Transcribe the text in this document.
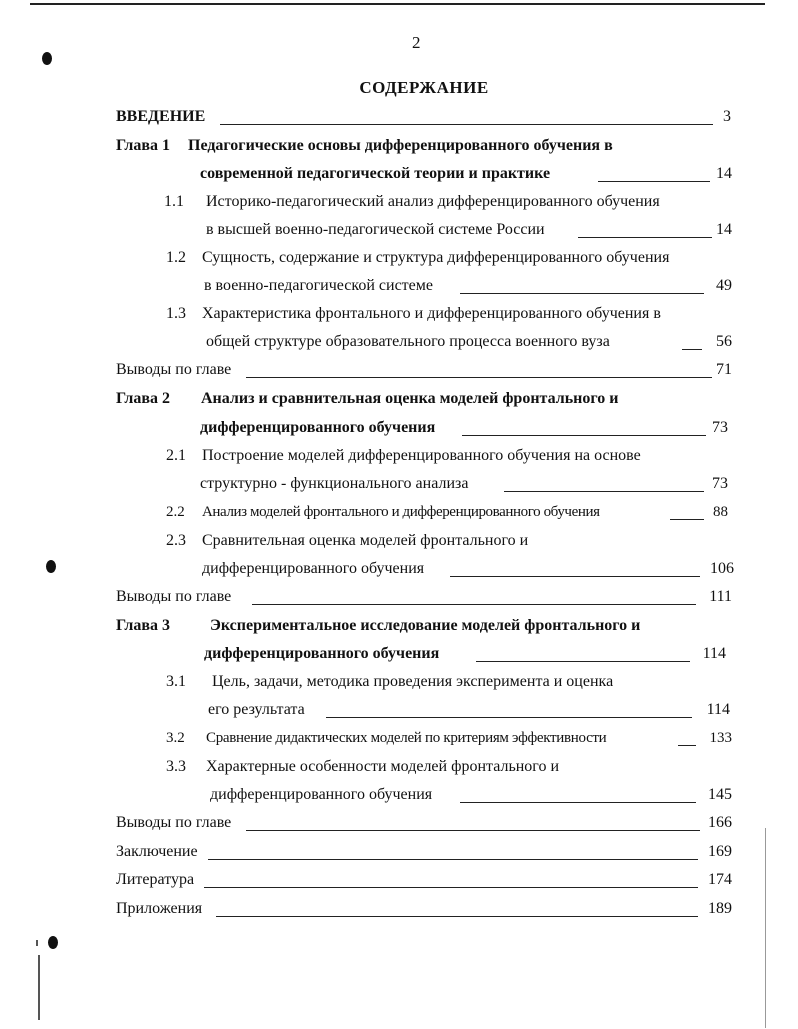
2
СОДЕРЖАНИЕ
ВВЕДЕНИЕ	3
Глава 1 Педагогические основы дифференцированного обучения в
современной педагогической теории и практике	14
1.1 Историко-педагогический анализ дифференцированного обучения
в высшей военно-педагогической системе России	14
1.2 Сущность, содержание и структура дифференцированного обучения
в военно-педагогической системе	49
1.3 Характеристика фронтального и дифференцированного обучения в
общей структуре образовательного процесса военного вуза	56
Выводы по главе	71
Глава 2 Анализ и сравнительная оценка моделей фронтального и
дифференцированного обучения	73
2.1 Построение моделей дифференцированного обучения на основе
структурно - функционального анализа	73
2.2 Анализ моделей фронтального и дифференцированного обучения	88
2.3 Сравнительная оценка моделей фронтального и
дифференцированного обучения	106
Выводы по главе	111
Глава 3	Экспериментальное исследование моделей фронтального и
дифференцированного обучения	114
3.1 Цель, задачи, методика проведения эксперимента и оценка
его результата	114
3.2 Сравнение дидактических моделей по критериям эффективности	133
3.3 Характерные особенности моделей фронтального и
дифференцированного обучения	145
Выводы по главе	166
Заключение	169
Литература	174
Приложения	189
